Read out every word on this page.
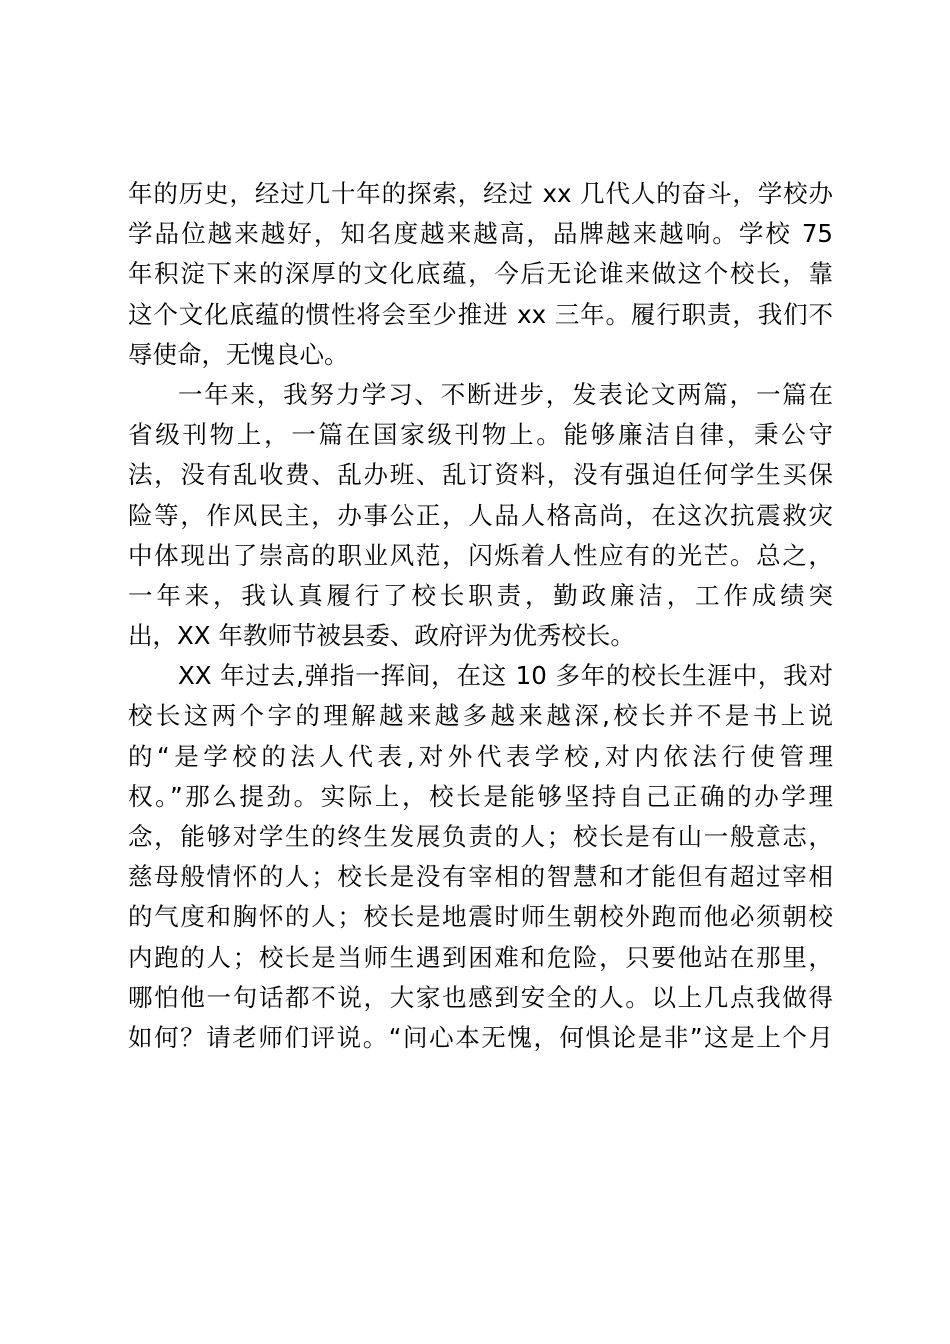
年的历史，经过几十年的探索，经过 xx 几代人的奋斗，学校办
学品位越来越好，知名度越来越高，品牌越来越响。学校 75
年积淀下来的深厚的文化底蕴，今后无论谁来做这个校长，靠
这个文化底蕴的惯性将会至少推进 xx 三年。履行职责，我们不
辱使命，无愧良心。
一年来，我努力学习、不断进步，发表论文两篇，一篇在
省级刊物上，一篇在国家级刊物上。能够廉洁自律，秉公守
法，没有乱收费、乱办班、乱订资料，没有强迫任何学生买保
险等，作风民主，办事公正，人品人格高尚，在这次抗震救灾
中体现出了崇高的职业风范，闪烁着人性应有的光芒。总之，
一年来，我认真履行了校长职责，勤政廉洁，工作成绩突
出，XX 年教师节被县委、政府评为优秀校长。
XX 年过去,弹指一挥间，在这 10 多年的校长生涯中，我对
校长这两个字的理解越来越多越来越深,校长并不是书上说
的“是学校的法人代表,对外代表学校,对内依法行使管理
权。”那么提劲。实际上，校长是能够坚持自己正确的办学理
念，能够对学生的终生发展负责的人；校长是有山一般意志，
慈母般情怀的人；校长是没有宰相的智慧和才能但有超过宰相
的气度和胸怀的人；校长是地震时师生朝校外跑而他必须朝校
内跑的人；校长是当师生遇到困难和危险，只要他站在那里，
哪怕他一句话都不说，大家也感到安全的人。以上几点我做得
如何？请老师们评说。“问心本无愧，何惧论是非”这是上个月
